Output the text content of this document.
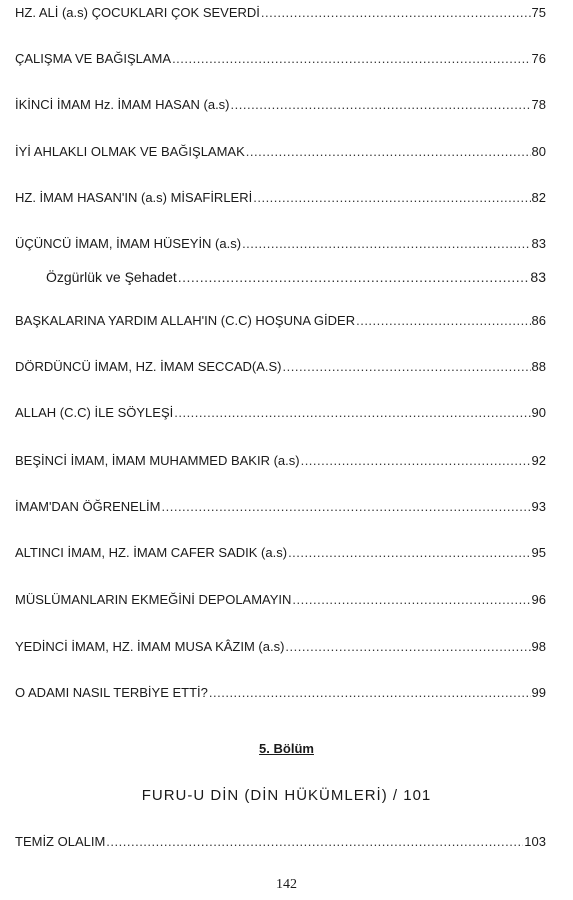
HZ. ALİ (a.s) ÇOCUKLARI ÇOK SEVERDİ .....	75
ÇALIŞMA VE BAĞIŞLAMA .....	76
İKİNCİ İMAM Hz. İMAM HASAN (a.s) .....	78
İYİ AHLAKLI OLMAK VE BAĞIŞLAMAK .....	80
HZ. İMAM HASAN'IN (a.s) MİSAFİRLERİ .....	82
ÜÇÜNCÜ İMAM, İMAM HÜSEYİN (a.s) .....	83
Özgürlük ve Şehadet .....	83
BAŞKALARINA YARDIM ALLAH'IN (C.C) HOŞUNA GİDER .....	86
DÖRDÜNCÜ İMAM, HZ. İMAM SECCAD(A.S) .....	88
ALLAH (C.C) İLE SÖYLEŞİ .....	90
BEŞİNCİ İMAM, İMAM MUHAMMED BAKIR (a.s) .....	92
İMAM'DAN ÖĞRENELİM .....	93
ALTINCI İMAM, HZ. İMAM CAFER SADIK (a.s) .....	95
MÜSLÜMANLARIN EKMEĞİNİ DEPOLAMAYIN .....	96
YEDİNCİ İMAM, HZ. İMAM MUSA KÂZIM (a.s) .....	98
O ADAMI NASIL TERBİYE ETTİ? .....	99
5. Bölüm
FURU-U DİN (DİN HÜKÜMLERİ) / 101
TEMİZ OLALIM .....	103
142
